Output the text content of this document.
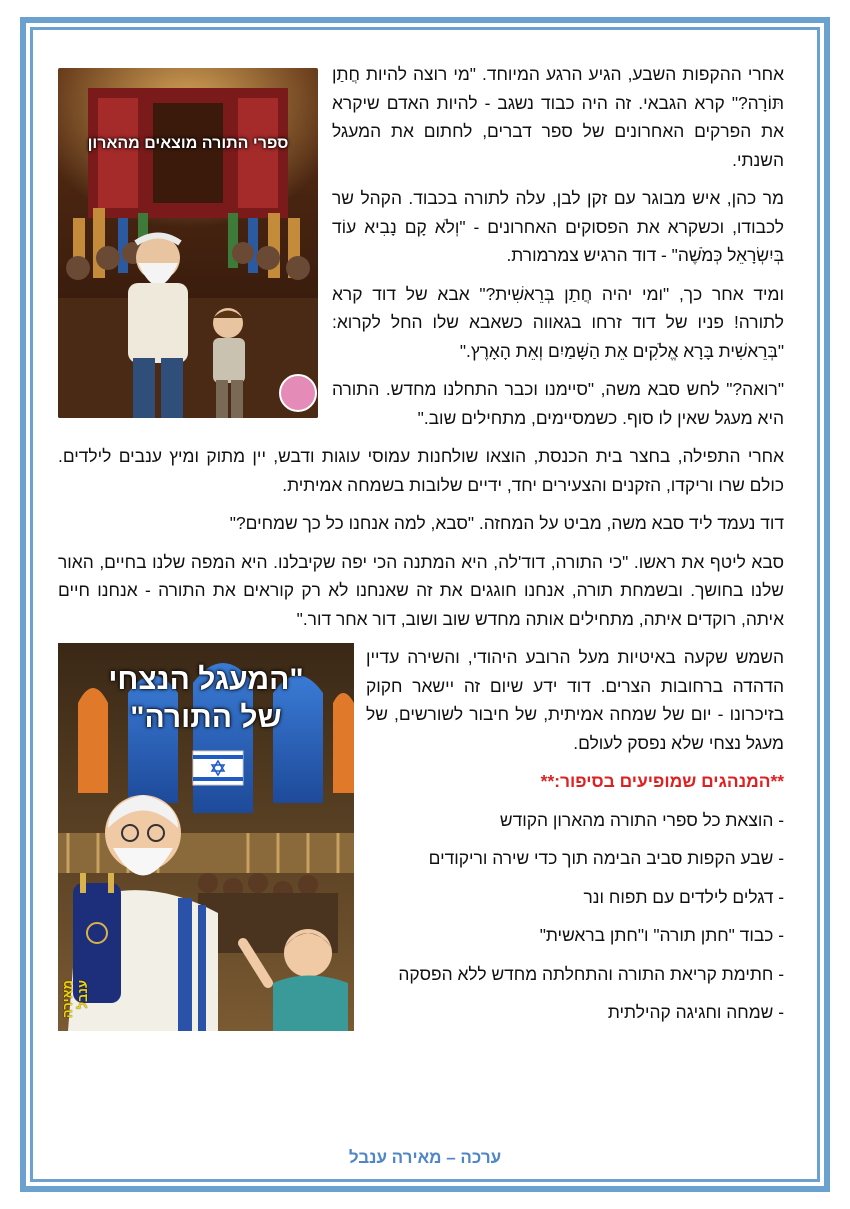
ספרי התורה מוצאים מהארון

אחרי ההקפות השבע, הגיע הרגע המיוחד. "מי רוצה להיות חֲתַן תּוֹרָה?" קרא הגבאי. זה היה כבוד נשגב - להיות האדם שיקרא את הפרקים האחרונים של ספר דברים, לחתום את המעגל השנתי.

מר כהן, איש מבוגר עם זקן לבן, עלה לתורה בכבוד. הקהל שר לכבודו, וכשקרא את הפסוקים האחרונים - "וְלֹא קָם נָבִיא עוֹד בְּיִשְׂרָאֵל כְּמֹשֶׁה" - דוד הרגיש צמרמורת.

ומיד אחר כך, "ומי יהיה חֲתַן בְּרֵאשִׁית?" אבא של דוד קרא לתורה! פניו של דוד זרחו בגאווה כשאבא שלו החל לקרוא: "בְּרֵאשִׁית בָּרָא אֱלֹקִים אֵת הַשָּׁמַיִם וְאֵת הָאָרֶץ."

"רואה?" לחש סבא משה, "סיימנו וכבר התחלנו מחדש. התורה היא מעגל שאין לו סוף. כשמסיימים, מתחילים שוב."

אחרי התפילה, בחצר בית הכנסת, הוצאו שולחנות עמוסי עוגות ודבש, יין מתוק ומיץ ענבים לילדים. כולם שרו וריקדו, הזקנים והצעירים יחד, ידיים שלובות בשמחה אמיתית.

דוד נעמד ליד סבא משה, מביט על המחזה. "סבא, למה אנחנו כל כך שמחים?"

סבא ליטף את ראשו. "כי התורה, דוד'לה, היא המתנה הכי יפה שקיבלנו. היא המפה שלנו בחיים, האור שלנו בחושך. ובשמחת תורה, אנחנו חוגגים את זה שאנחנו לא רק קוראים את התורה - אנחנו חיים איתה, רוקדים איתה, מתחילים אותה מחדש שוב ושוב, דור אחר דור."

"המעגל הנצחי
של התורה"

השמש שקעה באיטיות מעל הרובע היהודי, והשירה עדיין הדהדה ברחובות הצרים. דוד ידע שיום זה יישאר חקוק בזיכרונו - יום של שמחה אמיתית, של חיבור לשורשים, של מעגל נצחי שלא נפסק לעולם.

**המנהגים שמופיעים בסיפור:**

- הוצאת כל ספרי התורה מהארון הקודש

- שבע הקפות סביב הבימה תוך כדי שירה וריקודים

- דגלים לילדים עם תפוח ונר

- כבוד "חתן תורה" ו"חתן בראשית"

- חתימת קריאת התורה והתחלתה מחדש ללא הפסקה

- שמחה וחגיגה קהילתית

מאירה ענבל
ערכה – מאירה ענבל
